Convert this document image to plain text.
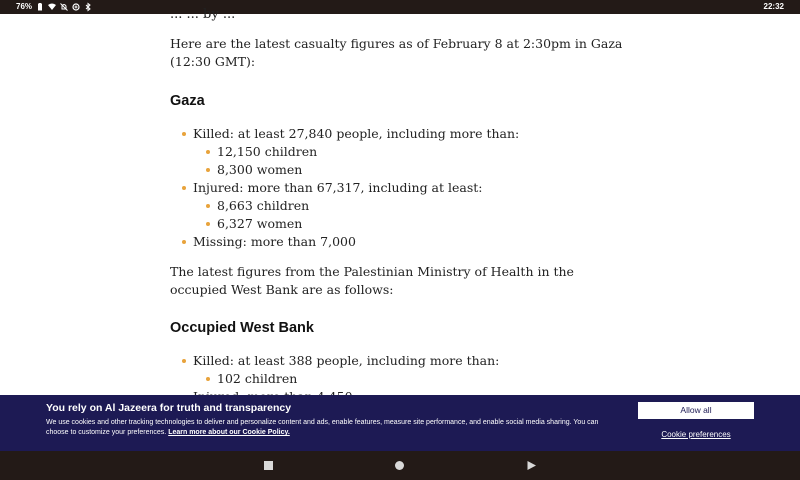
76%	22:32
... ... by ...
Here are the latest casualty figures as of February 8 at 2:30pm in Gaza (12:30 GMT):
Gaza
Killed: at least 27,840 people, including more than:
12,150 children
8,300 women
Injured: more than 67,317, including at least:
8,663 children
6,327 women
Missing: more than 7,000
The latest figures from the Palestinian Ministry of Health in the occupied West Bank are as follows:
Occupied West Bank
Killed: at least 388 people, including more than:
102 children
You rely on Al Jazeera for truth and transparency
We use cookies and other tracking technologies to deliver and personalize content and ads, enable features, measure site performance, and enable social media sharing. You can choose to customize your preferences. Learn more about our Cookie Policy.
Allow all
Cookie preferences
